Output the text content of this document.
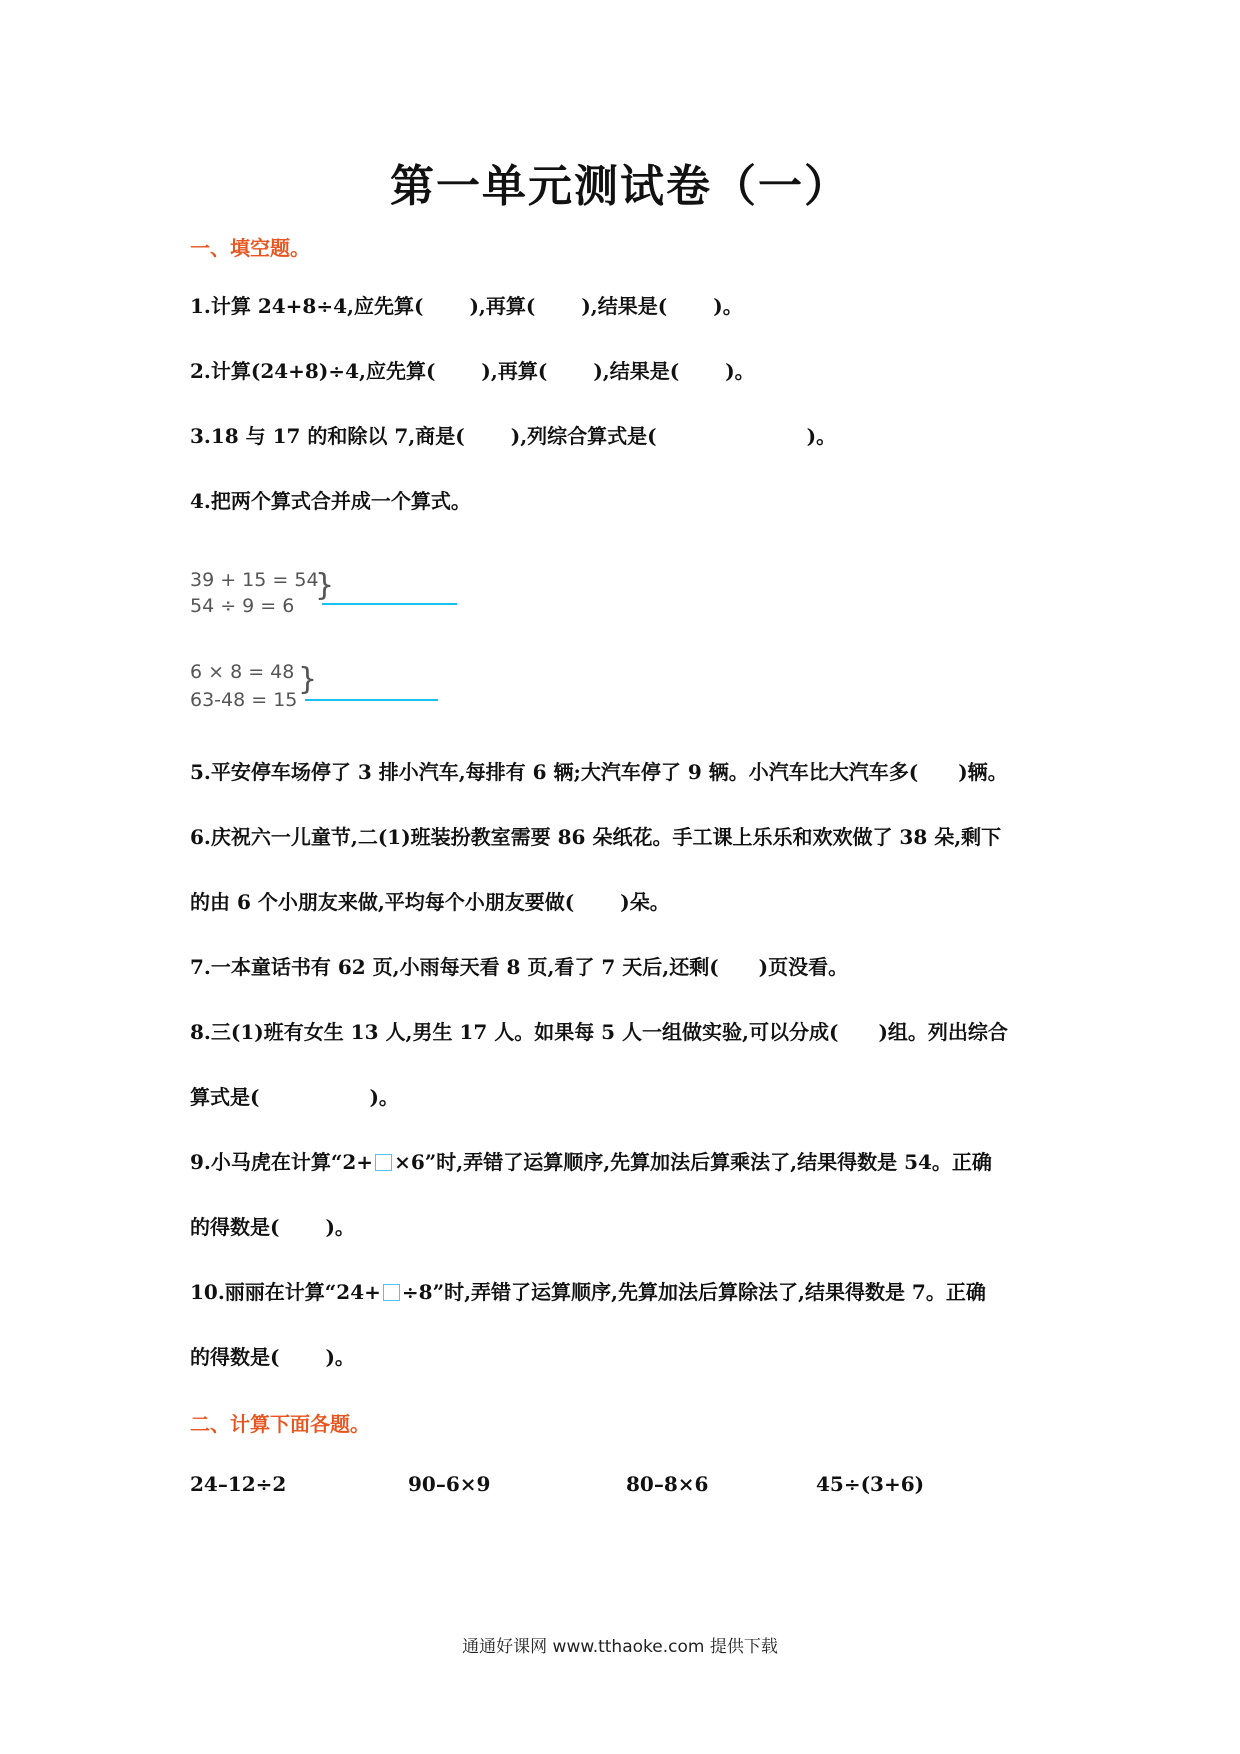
第一单元测试卷（一）
一、填空题。
1.计算 24+8÷4,应先算( ),再算( ),结果是( )。
2.计算(24+8)÷4,应先算( ),再算( ),结果是( )。
3.18 与 17 的和除以 7,商是( ),列综合算式是(	)。
4.把两个算式合并成一个算式。
39 + 15 = 54
54 ÷ 9 = 6
}
6 × 8 = 48
63-48 = 15
}
5.平安停车场停了 3 排小汽车,每排有 6 辆;大汽车停了 9 辆。小汽车比大汽车多( )辆。
6.庆祝六一儿童节,二(1)班装扮教室需要 86 朵纸花。手工课上乐乐和欢欢做了 38 朵,剩下
的由 6 个小朋友来做,平均每个小朋友要做( )朵。
7.一本童话书有 62 页,小雨每天看 8 页,看了 7 天后,还剩( )页没看。
8.三(1)班有女生 13 人,男生 17 人。如果每 5 人一组做实验,可以分成( )组。列出综合
算式是(	)。
9.小马虎在计算“2+ ×6”时,弄错了运算顺序,先算加法后算乘法了,结果得数是 54。正确
的得数是( )。
10.丽丽在计算“24+ ÷8”时,弄错了运算顺序,先算加法后算除法了,结果得数是 7。正确
的得数是( )。
二、计算下面各题。
24–12÷2	90–6×9	80–8×6	45÷(3+6)
通通好课网 www.tthaoke.com 提供下载
